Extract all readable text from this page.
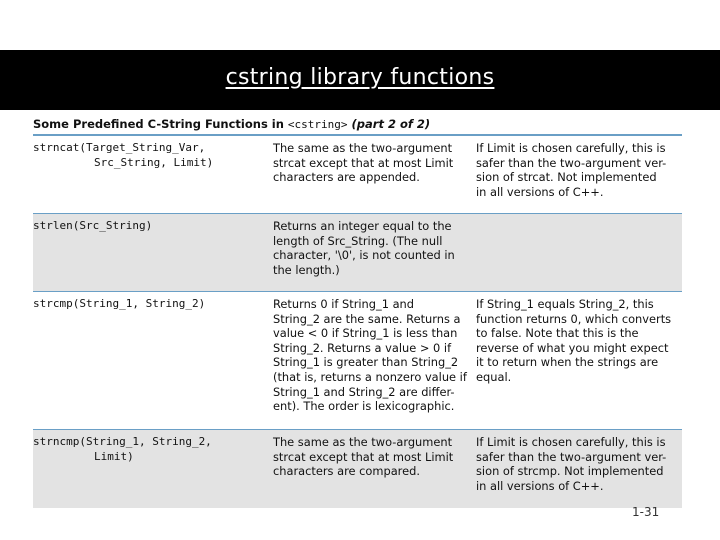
cstring library functions
Some Predefined C-String Functions in <cstring> (part 2 of 2)
strncat(Target_String_Var,
Src_String, Limit)
The same as the two-argument
strcat except that at most Limit
characters are appended.
If Limit is chosen carefully, this is
safer than the two-argument ver-
sion of strcat. Not implemented
in all versions of C++.
strlen(Src_String)	Returns an integer equal to the
length of Src_String. (The null
character, '\0', is not counted in
the length.)
strcmp(String_1, String_2)	Returns 0 if String_1 and
String_2 are the same. Returns a
value < 0 if String_1 is less than
String_2. Returns a value > 0 if
String_1 is greater than String_2
(that is, returns a nonzero value if
String_1 and String_2 are differ-
ent). The order is lexicographic.
If String_1 equals String_2, this
function returns 0, which converts
to false. Note that this is the
reverse of what you might expect
it to return when the strings are
equal.
strncmp(String_1, String_2,
Limit)
The same as the two-argument
strcat except that at most Limit
characters are compared.
If Limit is chosen carefully, this is
safer than the two-argument ver-
sion of strcmp. Not implemented
in all versions of C++.
1-31
